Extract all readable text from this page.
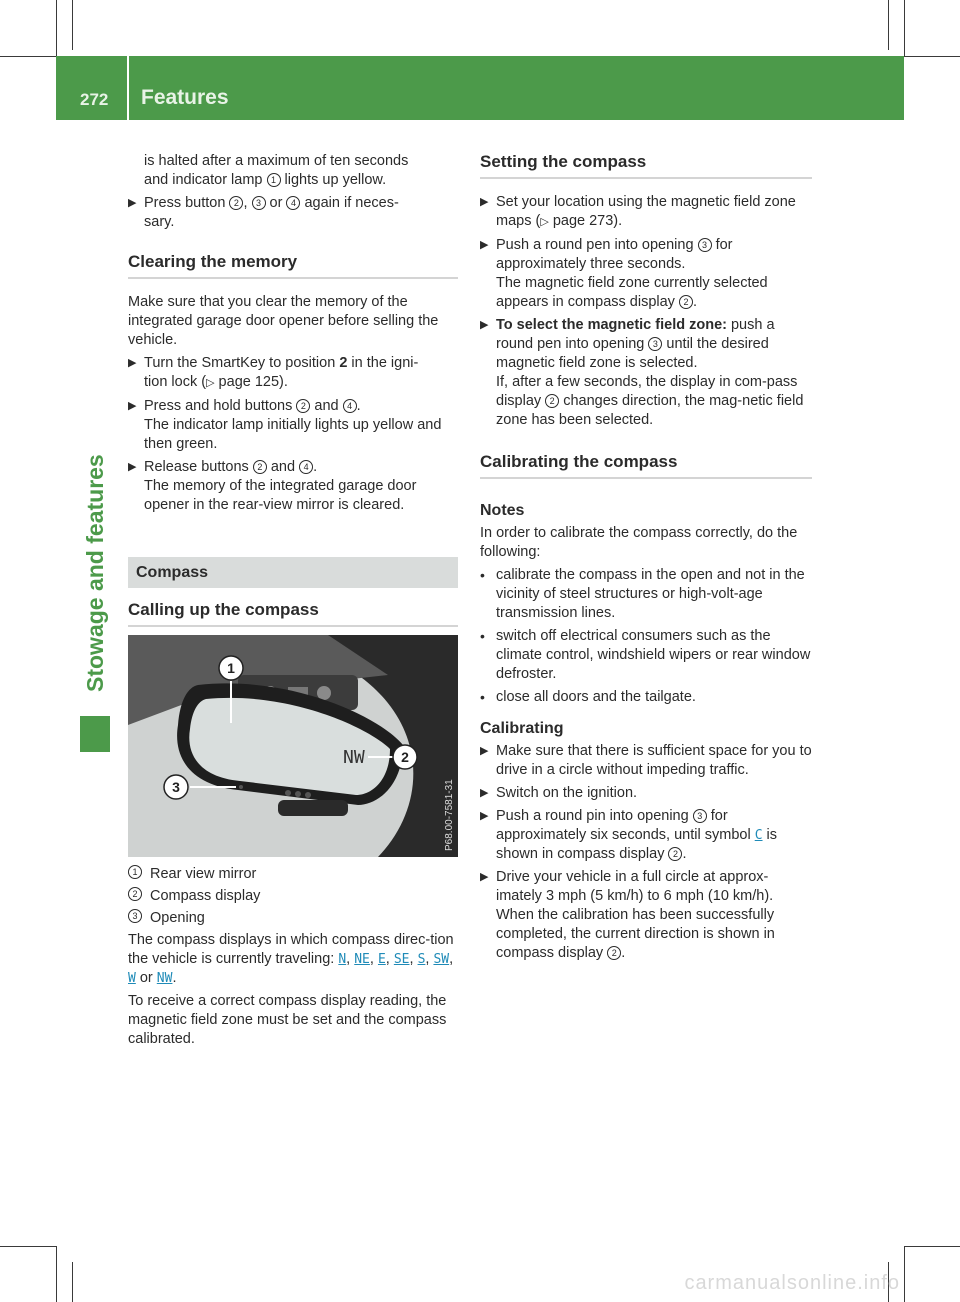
272 Features
Stowage and features
is halted after a maximum of ten seconds
and indicator lamp 1 lights up yellow.
▶ Press button 2 , 3 or 4 again if neces-
sary.
Clearing the memory

Make sure that you clear the memory of the integrated garage door opener before selling the vehicle.

▶ Turn the SmartKey to position 2 in the igni-
tion lock (▷ page 125).
▶ Press and hold buttons 2 and 4 .
The indicator lamp initially lights up yellow and then green.
▶ Release buttons 2 and 4 .
The memory of the integrated garage door opener in the rear-view mirror is cleared.
Compass
Calling up the compass
NW
1
2
3	P68.00-7581-31
1 Rear view mirror
2 Compass display
3 Opening

The compass displays in which compass direc-tion the vehicle is currently traveling: N, NE, E, SE, S, SW, W or NW.

To receive a correct compass display reading, the magnetic field zone must be set and the compass calibrated.

Setting the compass
▶ Set your location using the magnetic field zone maps (▷ page 273).
▶ Push a round pen into opening 3 for approximately three seconds.
The magnetic field zone currently selected appears in compass display 2 .
▶ To select the magnetic field zone: push a round pen into opening 3 until the desired magnetic field zone is selected.
If, after a few seconds, the display in com-pass display 2 changes direction, the mag-netic field zone has been selected.
Calibrating the compass
Notes

In order to calibrate the compass correctly, do the following:

• calibrate the compass in the open and not in the vicinity of steel structures or high-volt-age transmission lines.
• switch off electrical consumers such as the climate control, windshield wipers or rear window defroster.
• close all doors and the tailgate.
Calibrating
▶ Make sure that there is sufficient space for you to drive in a circle without impeding traffic.
▶ Switch on the ignition.
▶ Push a round pin into opening 3 for approximately six seconds, until symbol C is shown in compass display 2 .
▶ Drive your vehicle in a full circle at approx-imately 3 mph (5 km/h) to 6 mph (10 km/h).
When the calibration has been successfully completed, the current direction is shown in compass display 2 .
carmanualsonline.info
